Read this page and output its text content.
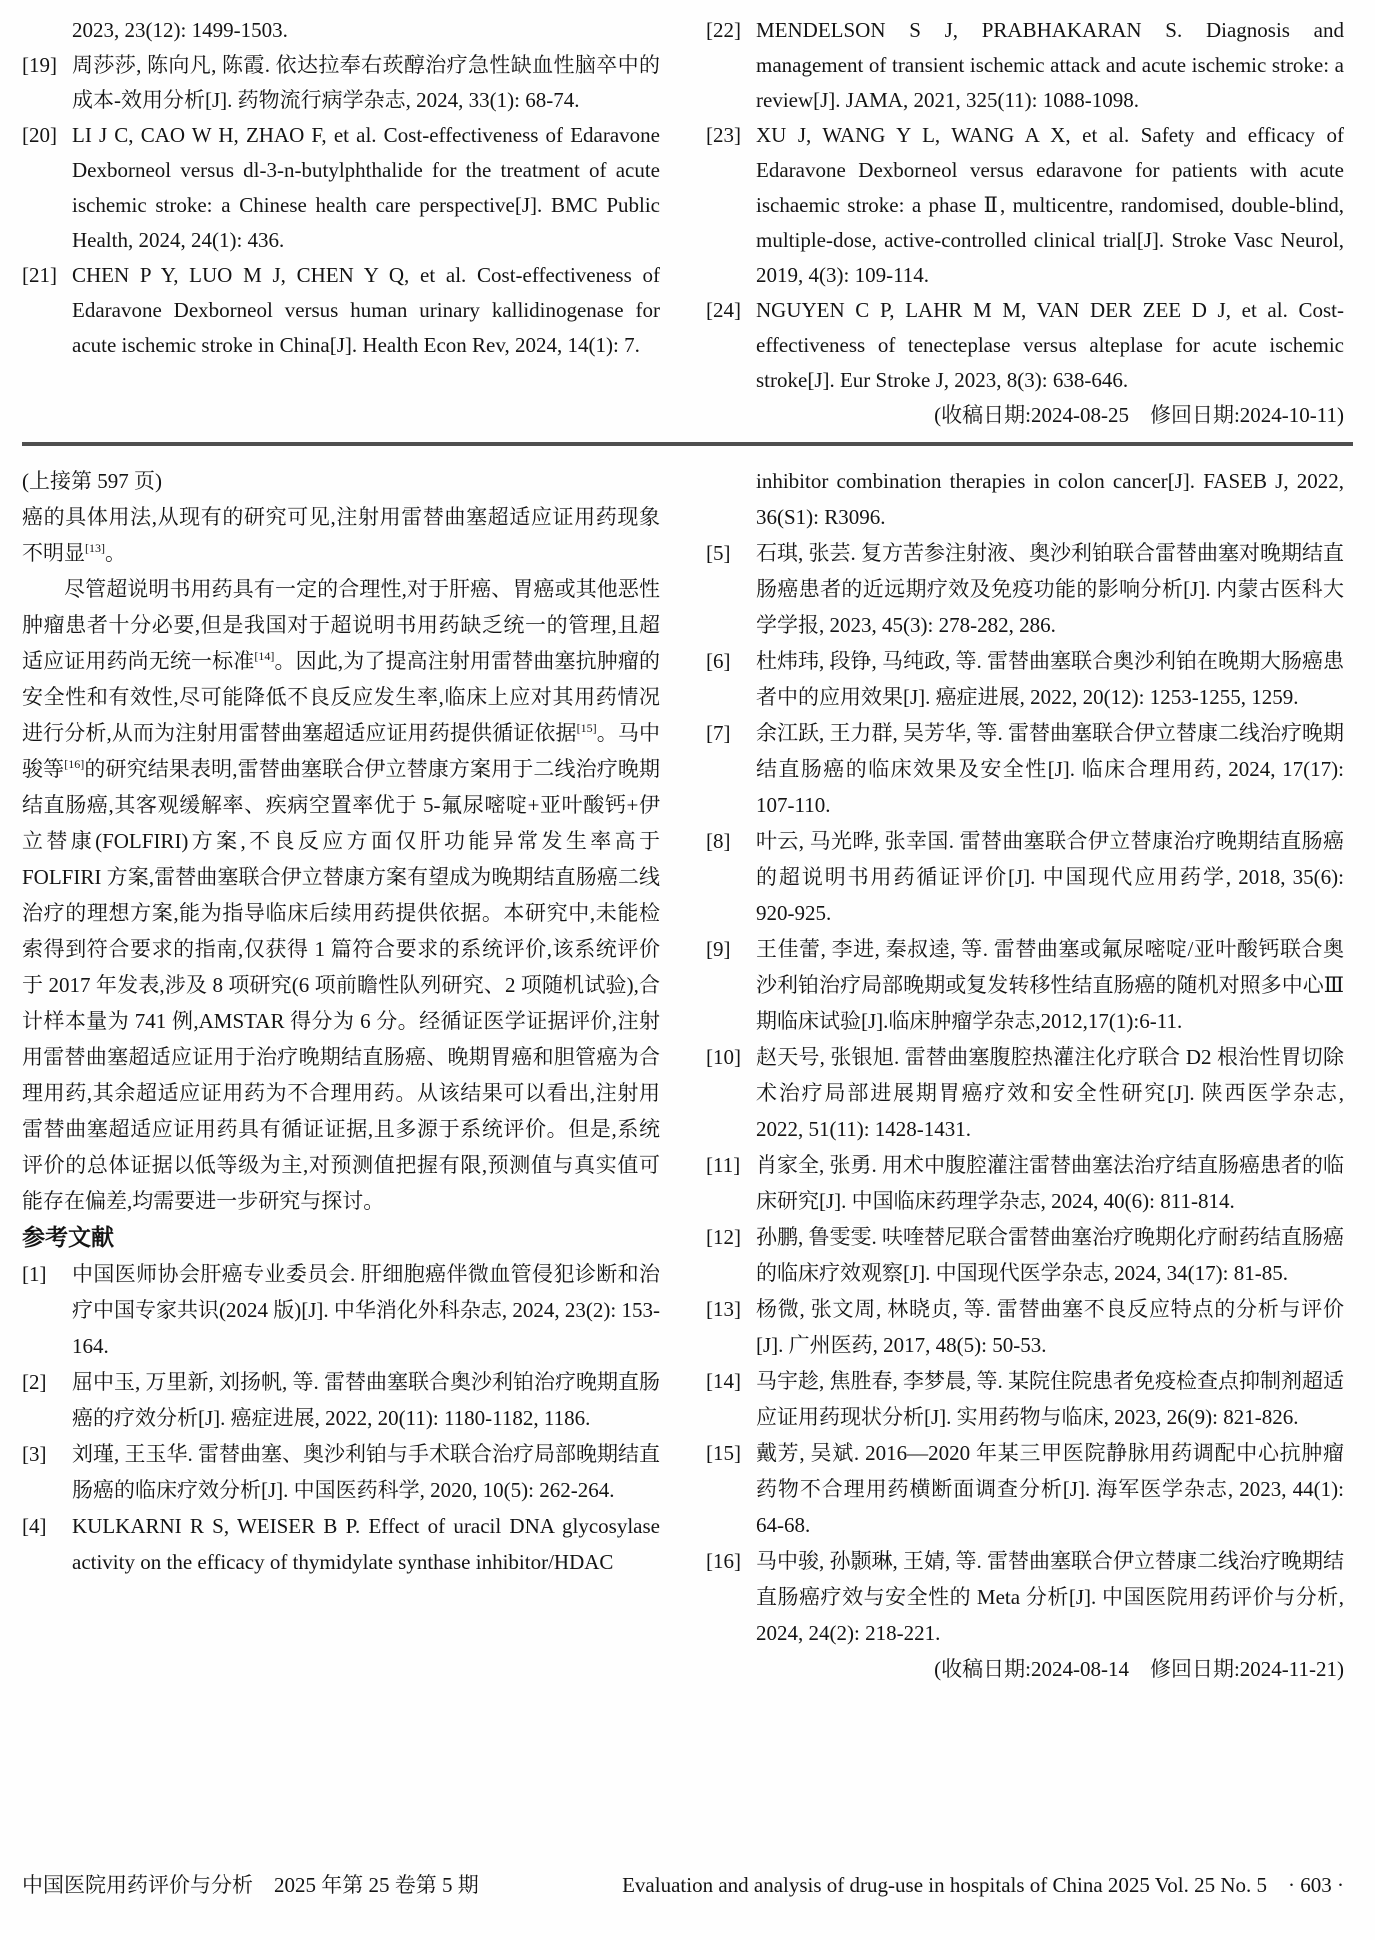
2023, 23(12): 1499-1503.
[19] 周莎莎, 陈向凡, 陈霞. 依达拉奉右莰醇治疗急性缺血性脑卒中的成本-效用分析[J]. 药物流行病学杂志, 2024, 33(1): 68-74.
[20] LI J C, CAO W H, ZHAO F, et al. Cost-effectiveness of Edaravone Dexborneol versus dl-3-n-butylphthalide for the treatment of acute ischemic stroke: a Chinese health care perspective[J]. BMC Public Health, 2024, 24(1): 436.
[21] CHEN P Y, LUO M J, CHEN Y Q, et al. Cost-effectiveness of Edaravone Dexborneol versus human urinary kallidinogenase for acute ischemic stroke in China[J]. Health Econ Rev, 2024, 14(1): 7.
[22] MENDELSON S J, PRABHAKARAN S. Diagnosis and management of transient ischemic attack and acute ischemic stroke: a review[J]. JAMA, 2021, 325(11): 1088-1098.
[23] XU J, WANG Y L, WANG A X, et al. Safety and efficacy of Edaravone Dexborneol versus edaravone for patients with acute ischaemic stroke: a phase Ⅱ, multicentre, randomised, double-blind, multiple-dose, active-controlled clinical trial[J]. Stroke Vasc Neurol, 2019, 4(3): 109-114.
[24] NGUYEN C P, LAHR M M, VAN DER ZEE D J, et al. Cost-effectiveness of tenecteplase versus alteplase for acute ischemic stroke[J]. Eur Stroke J, 2023, 8(3): 638-646.
(收稿日期:2024-08-25　修回日期:2024-10-11)
(上接第 597 页)

癌的具体用法,从现有的研究可见,注射用雷替曲塞超适应证用药现象不明显[13]。

尽管超说明书用药具有一定的合理性,对于肝癌、胃癌或其他恶性肿瘤患者十分必要,但是我国对于超说明书用药缺乏统一的管理,且超适应证用药尚无统一标准[14]。因此,为了提高注射用雷替曲塞抗肿瘤的安全性和有效性,尽可能降低不良反应发生率,临床上应对其用药情况进行分析,从而为注射用雷替曲塞超适应证用药提供循证依据[15]。马中骏等[16]的研究结果表明,雷替曲塞联合伊立替康方案用于二线治疗晚期结直肠癌,其客观缓解率、疾病空置率优于 5-氟尿嘧啶+亚叶酸钙+伊立替康(FOLFIRI)方案,不良反应方面仅肝功能异常发生率高于 FOLFIRI 方案,雷替曲塞联合伊立替康方案有望成为晚期结直肠癌二线治疗的理想方案,能为指导临床后续用药提供依据。本研究中,未能检索得到符合要求的指南,仅获得 1 篇符合要求的系统评价,该系统评价于 2017 年发表,涉及 8 项研究(6 项前瞻性队列研究、2 项随机试验),合计样本量为 741 例,AMSTAR 得分为 6 分。经循证医学证据评价,注射用雷替曲塞超适应证用于治疗晚期结直肠癌、晚期胃癌和胆管癌为合理用药,其余超适应证用药为不合理用药。从该结果可以看出,注射用雷替曲塞超适应证用药具有循证证据,且多源于系统评价。但是,系统评价的总体证据以低等级为主,对预测值把握有限,预测值与真实值可能存在偏差,均需要进一步研究与探讨。

参考文献
[1]	中国医师协会肝癌专业委员会. 肝细胞癌伴微血管侵犯诊断和治疗中国专家共识(2024 版)[J]. 中华消化外科杂志, 2024, 23(2): 153-164.
[2]	屈中玉, 万里新, 刘扬帆, 等. 雷替曲塞联合奥沙利铂治疗晚期直肠癌的疗效分析[J]. 癌症进展, 2022, 20(11): 1180-1182, 1186.
[3]	刘瑾, 王玉华. 雷替曲塞、奥沙利铂与手术联合治疗局部晚期结直肠癌的临床疗效分析[J]. 中国医药科学, 2020, 10(5): 262-264.
[4]	KULKARNI R S, WEISER B P. Effect of uracil DNA glycosylase activity on the efficacy of thymidylate synthase inhibitor/HDAC
inhibitor combination therapies in colon cancer[J]. FASEB J, 2022, 36(S1): R3096.
[5]	石琪, 张芸. 复方苦参注射液、奥沙利铂联合雷替曲塞对晚期结直肠癌患者的近远期疗效及免疫功能的影响分析[J]. 内蒙古医科大学学报, 2023, 45(3): 278-282, 286.
[6]	杜炜玮, 段铮, 马纯政, 等. 雷替曲塞联合奥沙利铂在晚期大肠癌患者中的应用效果[J]. 癌症进展, 2022, 20(12): 1253-1255, 1259.
[7]	余江跃, 王力群, 吴芳华, 等. 雷替曲塞联合伊立替康二线治疗晚期结直肠癌的临床效果及安全性[J]. 临床合理用药, 2024, 17(17): 107-110.
[8]	叶云, 马光晔, 张幸国. 雷替曲塞联合伊立替康治疗晚期结直肠癌的超说明书用药循证评价[J]. 中国现代应用药学, 2018, 35(6): 920-925.
[9]	王佳蕾, 李进, 秦叔逵, 等. 雷替曲塞或氟尿嘧啶/亚叶酸钙联合奥沙利铂治疗局部晚期或复发转移性结直肠癌的随机对照多中心Ⅲ期临床试验[J].临床肿瘤学杂志,2012,17(1):6-11.
[10] 赵天号, 张银旭. 雷替曲塞腹腔热灌注化疗联合 D2 根治性胃切除术治疗局部进展期胃癌疗效和安全性研究[J]. 陕西医学杂志, 2022, 51(11): 1428-1431.
[11] 肖家全, 张勇. 用术中腹腔灌注雷替曲塞法治疗结直肠癌患者的临床研究[J]. 中国临床药理学杂志, 2024, 40(6): 811-814.
[12] 孙鹏, 鲁雯雯. 呋喹替尼联合雷替曲塞治疗晚期化疗耐药结直肠癌的临床疗效观察[J]. 中国现代医学杂志, 2024, 34(17): 81-85.
[13] 杨微, 张文周, 林晓贞, 等. 雷替曲塞不良反应特点的分析与评价[J]. 广州医药, 2017, 48(5): 50-53.
[14] 马宇趁, 焦胜春, 李梦晨, 等. 某院住院患者免疫检查点抑制剂超适应证用药现状分析[J]. 实用药物与临床, 2023, 26(9): 821-826.
[15] 戴芳, 吴斌. 2016—2020 年某三甲医院静脉用药调配中心抗肿瘤药物不合理用药横断面调查分析[J]. 海军医学杂志, 2023, 44(1): 64-68.
[16] 马中骏, 孙颢琳, 王婧, 等. 雷替曲塞联合伊立替康二线治疗晚期结直肠癌疗效与安全性的 Meta 分析[J]. 中国医院用药评价与分析, 2024, 24(2): 218-221.
(收稿日期:2024-08-14　修回日期:2024-11-21)
中国医院用药评价与分析　2025 年第 25 卷第 5 期	Evaluation and analysis of drug-use in hospitals of China 2025 Vol. 25 No. 5　· 603 ·
